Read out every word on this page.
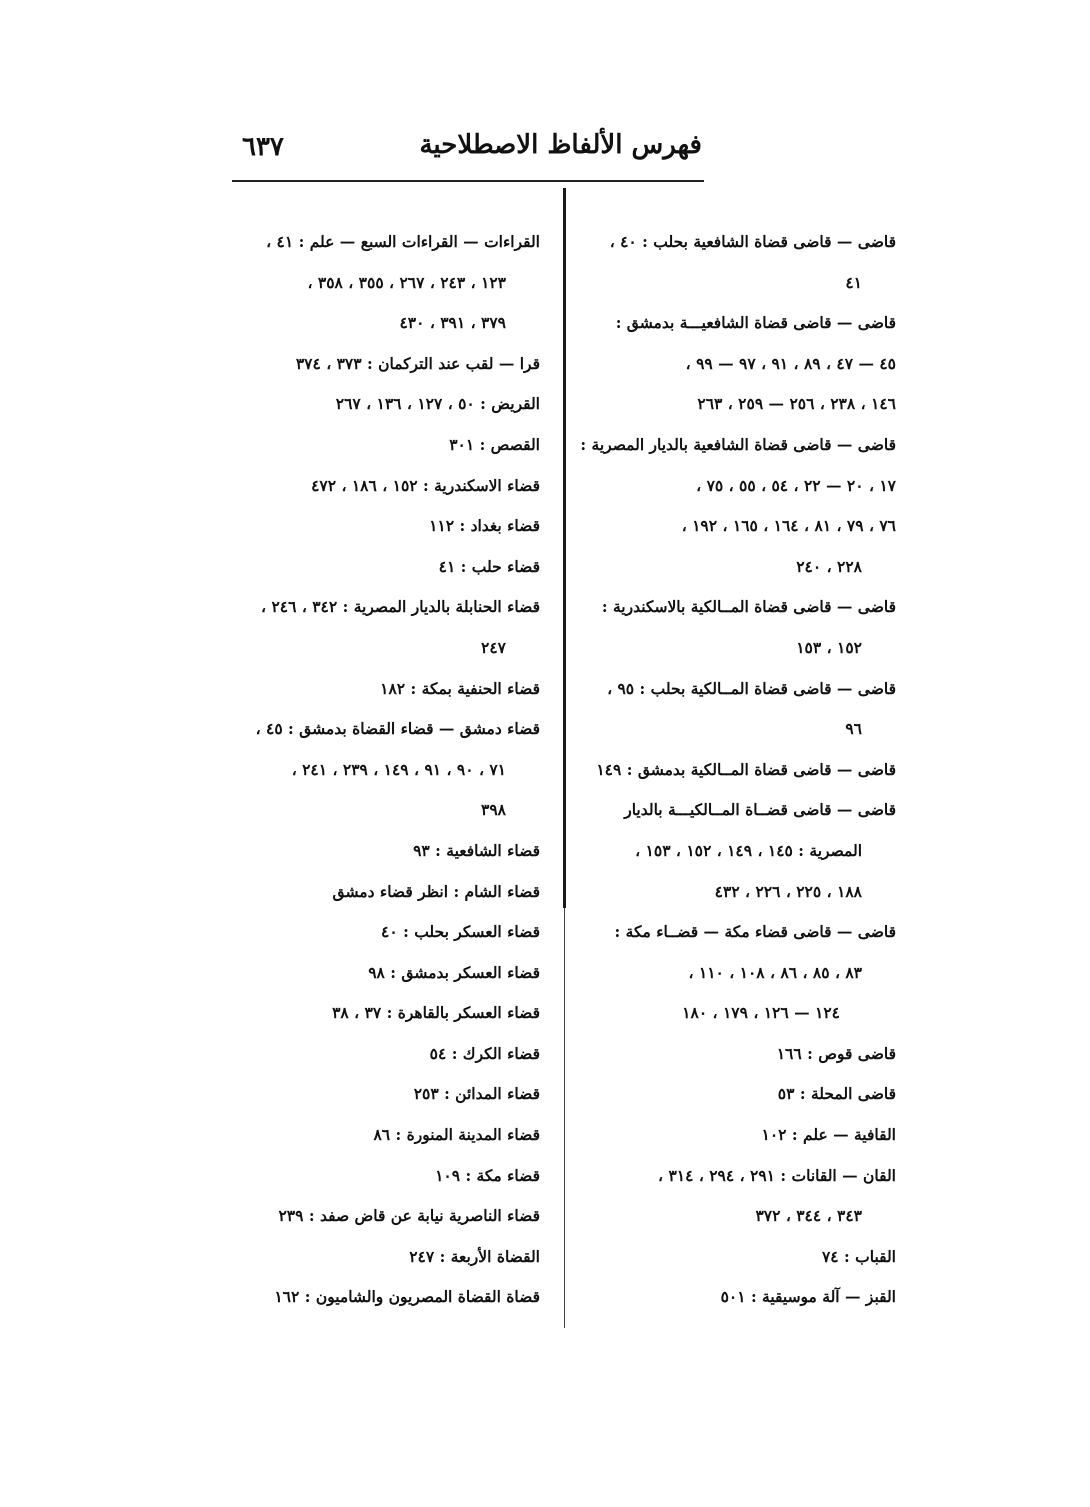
فهرس الألفاظ الاصطلاحية
٦٣٧
قاضى — قاضى قضاة الشافعية بحلب : ٤٠ ،
٤١
قاضى — قاضى قضاة الشافعيـــة بدمشق :
٤٥ — ٤٧ ، ٨٩ ، ٩١ ، ٩٧ — ٩٩ ،
١٤٦ ، ٢٣٨ ، ٢٥٦ — ٢٥٩ ، ٢٦٣
قاضى — قاضى قضاة الشافعية بالديار المصرية :
١٧ ، ٢٠ — ٢٢ ، ٥٤ ، ٥٥ ، ٧٥ ،
٧٦ ، ٧٩ ، ٨١ ، ١٦٤ ، ١٦٥ ، ١٩٢ ،
٢٢٨ ، ٢٤٠
قاضى — قاضى قضاة المــالكية بالاسكندرية :
١٥٢ ، ١٥٣
قاضى — قاضى قضاة المــالكية بحلب : ٩٥ ،
٩٦
قاضى — قاضى قضاة المــالكية بدمشق : ١٤٩
قاضى — قاضى قضــاة المــالكيـــة بالديار
المصرية : ١٤٥ ، ١٤٩ ، ١٥٢ ، ١٥٣ ،
١٨٨ ، ٢٢٥ ، ٢٢٦ ، ٤٣٢
قاضى — قاضى قضاء مكة — قضــاء مكة :
٨٣ ، ٨٥ ، ٨٦ ، ١٠٨ ، ١١٠ ،
١٢٤ — ١٢٦ ، ١٧٩ ، ١٨٠
قاضى قوص : ١٦٦
قاضى المحلة : ٥٣
القافية — علم : ١٠٢
القان — القانات : ٢٩١ ، ٢٩٤ ، ٣١٤ ،
٣٤٣ ، ٣٤٤ ، ٣٧٢
القباب : ٧٤
القبز — آلة موسيقية : ٥٠١
القراءات — القراءات السبع — علم : ٤١ ،
١٢٣ ، ٢٤٣ ، ٢٦٧ ، ٣٥٥ ، ٣٥٨ ،
٣٧٩ ، ٣٩١ ، ٤٣٠
قرا — لقب عند التركمان : ٣٧٣ ، ٣٧٤
القريض : ٥٠ ، ١٢٧ ، ١٣٦ ، ٢٦٧
القصص : ٣٠١
قضاء الاسكندرية : ١٥٢ ، ١٨٦ ، ٤٧٢
قضاء بغداد : ١١٢
قضاء حلب : ٤١
قضاء الحنابلة بالديار المصرية : ٣٤٢ ، ٢٤٦ ،
٢٤٧
قضاء الحنفية بمكة : ١٨٢
قضاء دمشق — قضاء القضاة بدمشق : ٤٥ ،
٧١ ، ٩٠ ، ٩١ ، ١٤٩ ، ٢٣٩ ، ٢٤١ ،
٣٩٨
قضاء الشافعية : ٩٣
قضاء الشام : انظر قضاء دمشق
قضاء العسكر بحلب : ٤٠
قضاء العسكر بدمشق : ٩٨
قضاء العسكر بالقاهرة : ٣٧ ، ٣٨
قضاء الكرك : ٥٤
قضاء المدائن : ٢٥٣
قضاء المدينة المنورة : ٨٦
قضاء مكة : ١٠٩
قضاء الناصرية نيابة عن قاض صفد : ٢٣٩
القضاة الأربعة : ٢٤٧
قضاة القضاة المصريون والشاميون : ١٦٢
